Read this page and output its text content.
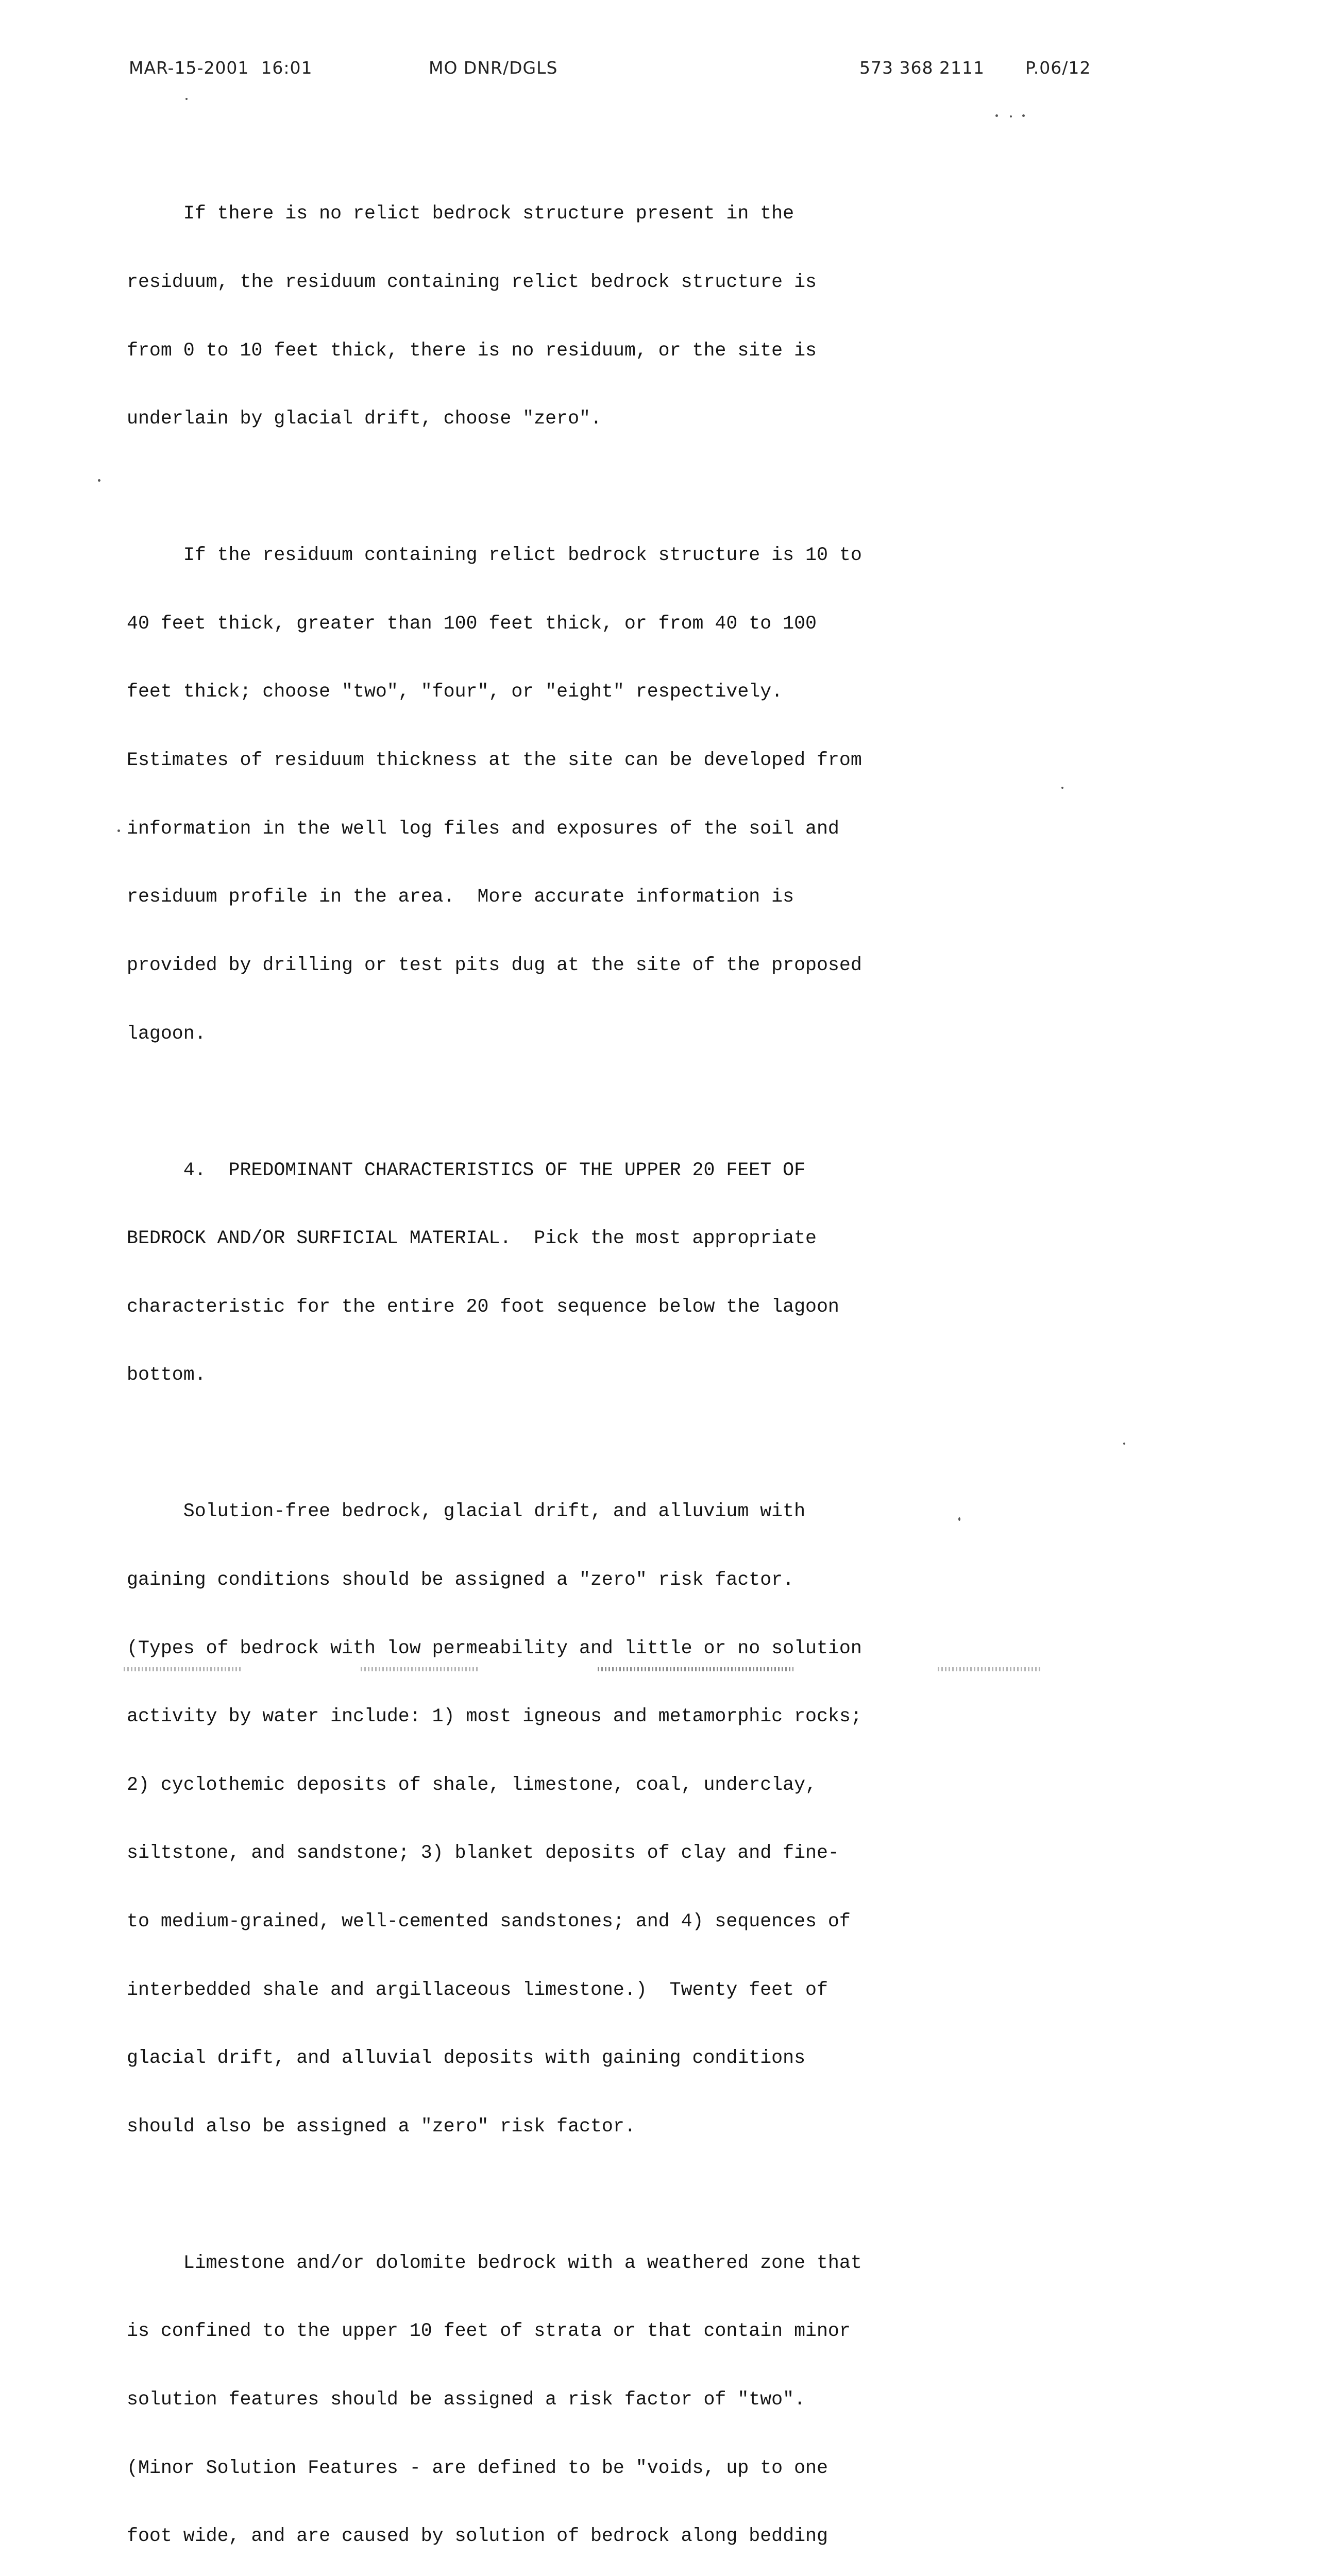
MAR-15-2001  16:01	MO DNR/DGLS	573 368 2111 P.06/12

If there is no relict bedrock structure present in the

residuum, the residuum containing relict bedrock structure is

from 0 to 10 feet thick, there is no residuum, or the site is

underlain by glacial drift, choose "zero".

If the residuum containing relict bedrock structure is 10 to

40 feet thick, greater than 100 feet thick, or from 40 to 100

feet thick; choose "two", "four", or "eight" respectively.

Estimates of residuum thickness at the site can be developed from

information in the well log files and exposures of the soil and

residuum profile in the area.  More accurate information is

provided by drilling or test pits dug at the site of the proposed

lagoon.

4.  PREDOMINANT CHARACTERISTICS OF THE UPPER 20 FEET OF

BEDROCK AND/OR SURFICIAL MATERIAL.  Pick the most appropriate

characteristic for the entire 20 foot sequence below the lagoon

bottom.

Solution-free bedrock, glacial drift, and alluvium with

gaining conditions should be assigned a "zero" risk factor.

(Types of bedrock with low permeability and little or no solution

activity by water include: 1) most igneous and metamorphic rocks;

2) cyclothemic deposits of shale, limestone, coal, underclay,

siltstone, and sandstone; 3) blanket deposits of clay and fine-

to medium-grained, well-cemented sandstones; and 4) sequences of

interbedded shale and argillaceous limestone.)  Twenty feet of

glacial drift, and alluvial deposits with gaining conditions

should also be assigned a "zero" risk factor.

Limestone and/or dolomite bedrock with a weathered zone that

is confined to the upper 10 feet of strata or that contain minor

solution features should be assigned a risk factor of "two".

(Minor Solution Features - are defined to be "voids, up to one

foot wide, and are caused by solution of bedrock along bedding
